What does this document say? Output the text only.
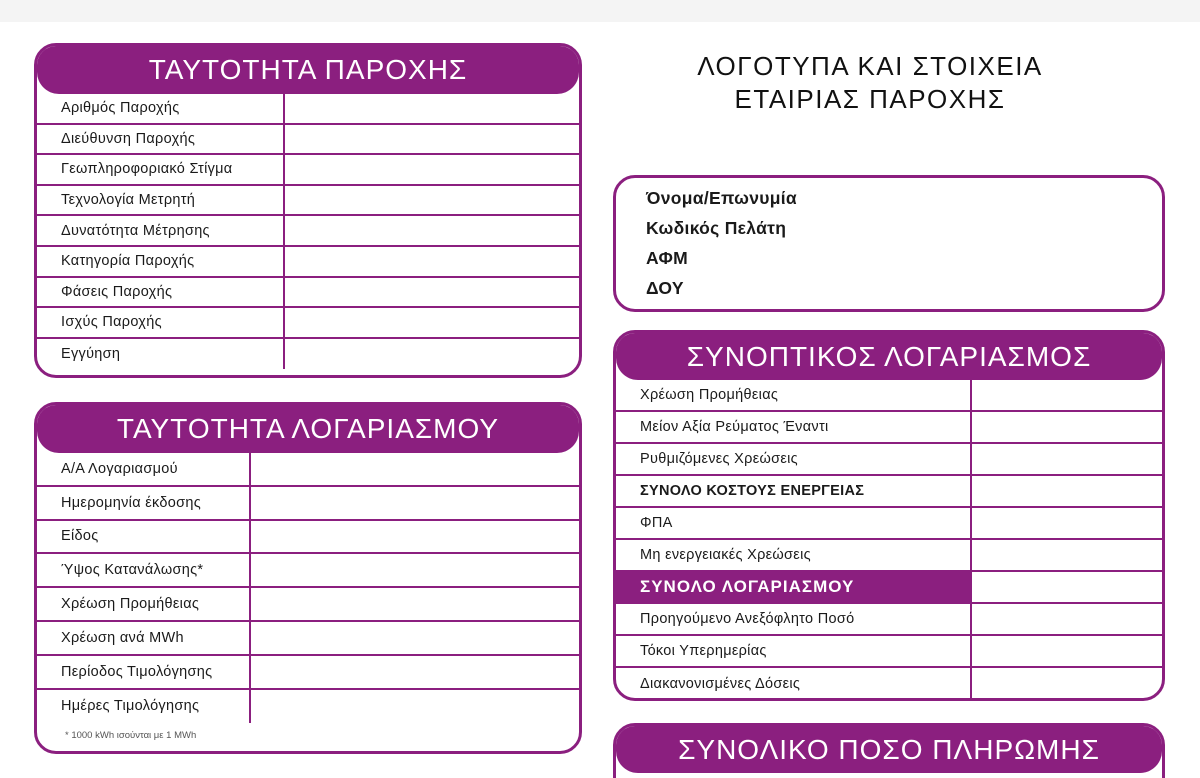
ΤΑΥΤΟΤΗΤΑ ΠΑΡΟΧΗΣ
Αριθμός Παροχής
Διεύθυνση Παροχής
Γεωπληροφοριακό Στίγμα
Τεχνολογία Μετρητή
Δυνατότητα Μέτρησης
Κατηγορία Παροχής
Φάσεις Παροχής
Ισχύς Παροχής
Εγγύηση
ΤΑΥΤΟΤΗΤΑ ΛΟΓΑΡΙΑΣΜΟΥ
Α/Α Λογαριασμού
Ημερομηνία έκδοσης
Είδος
Ύψος Κατανάλωσης*
Χρέωση Προμήθειας
Χρέωση ανά MWh
Περίοδος Τιμολόγησης
Ημέρες Τιμολόγησης
* 1000 kWh ισούνται με 1 MWh
ΛΟΓΟΤΥΠΑ ΚΑΙ ΣΤΟΙΧΕΙΑ
ΕΤΑΙΡΙΑΣ ΠΑΡΟΧΗΣ
Όνομα/Επωνυμία
Κωδικός Πελάτη
ΑΦΜ
ΔΟΥ
ΣΥΝΟΠΤΙΚΟΣ ΛΟΓΑΡΙΑΣΜΟΣ
Χρέωση Προμήθειας
Μείον Αξία Ρεύματος Έναντι
Ρυθμιζόμενες Χρεώσεις
ΣΥΝΟΛΟ ΚΟΣΤΟΥΣ ΕΝΕΡΓΕΙΑΣ
ΦΠΑ
Μη ενεργειακές Χρεώσεις
ΣΥΝΟΛΟ ΛΟΓΑΡΙΑΣΜΟΥ
Προηγούμενο Ανεξόφλητο Ποσό
Τόκοι Υπερημερίας
Διακανονισμένες Δόσεις
ΣΥΝΟΛΙΚΟ ΠΟΣΟ ΠΛΗΡΩΜΗΣ
